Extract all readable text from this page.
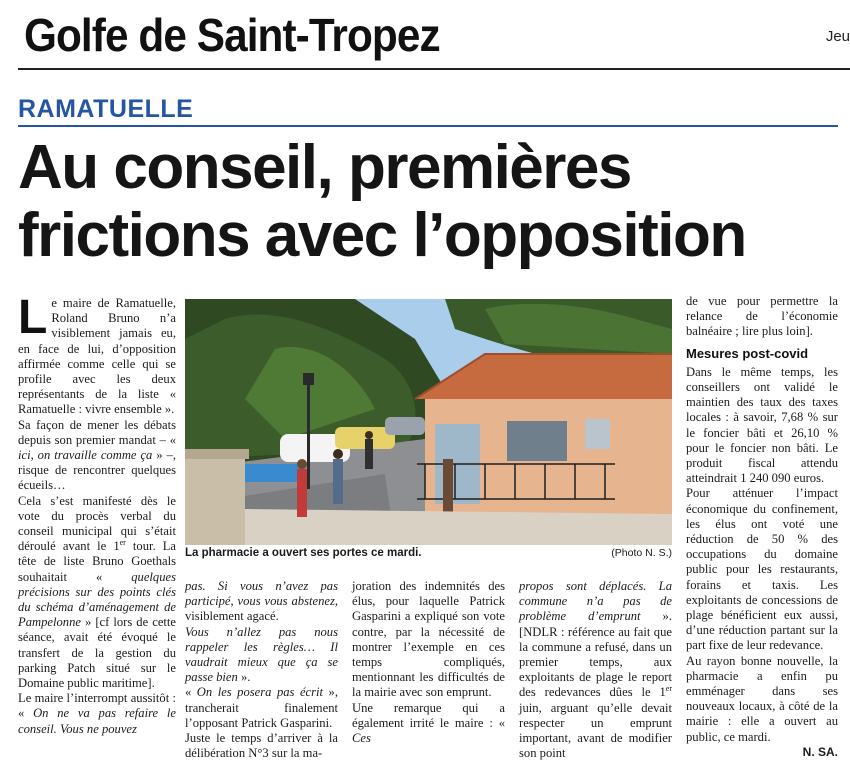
Golfe de Saint-Tropez	Jeu
RAMATUELLE
Au conseil, premières
frictions avec l’opposition

Le maire de Ramatuelle, Roland Bruno n’a visiblement jamais eu, en face de lui, d’opposition affirmée comme celle qui se profile avec les deux représentants de la liste « Ramatuelle : vivre ensemble ».

Sa façon de mener les débats depuis son premier mandat – « ici, on travaille comme ça » –, risque de rencontrer quelques écueils…

Cela s’est manifesté dès le vote du procès verbal du conseil municipal qui s’était déroulé avant le 1er tour. La tête de liste Bruno Goethals souhaitait « quelques précisions sur des points clés du schéma d’aménagement de Pampelonne » [cf lors de cette séance, avait été évoqué le transfert de la gestion du parking Patch situé sur le Domaine public maritime].

Le maire l’interrompt aussitôt : « On ne va pas refaire le conseil. Vous ne pouvez

La pharmacie a ouvert ses portes ce mardi.	(Photo N. S.)

pas. Si vous n’avez pas participé, vous vous abstenez, visiblement agacé.

Vous n’allez pas nous rappeler les règles… Il vaudrait mieux que ça se passe bien ».

« On les posera pas écrit », trancherait finalement l’opposant Patrick Gasparini.

Juste le temps d’arriver à la délibération N°3 sur la ma-

joration des indemnités des élus, pour laquelle Patrick Gasparini a expliqué son vote contre, par la nécessité de montrer l’exemple en ces temps compliqués, mentionnant les difficultés de la mairie avec son emprunt.

Une remarque qui a également irrité le maire : « Ces

propos sont déplacés. La commune n’a pas de problème d’emprunt ». [NDLR : référence au fait que la commune a refusé, dans un premier temps, aux exploitants de plage le report des redevances dûes le 1er juin, arguant qu’elle devait respecter un emprunt important, avant de modifier son point

de vue pour permettre la relance de l’économie balnéaire ; lire plus loin].

Mesures post-covid

Dans le même temps, les conseillers ont validé le maintien des taux des taxes locales : à savoir, 7,68 % sur le foncier bâti et 26,10 % pour le foncier non bâti. Le produit fiscal attendu atteindrait 1 240 090 euros.

Pour atténuer l’impact économique du confinement, les élus ont voté une réduction de 50 % des occupations du domaine public pour les restaurants, forains et taxis. Les exploitants de concessions de plage bénéficient eux aussi, d’une réduction partant sur la part fixe de leur redevance.

Au rayon bonne nouvelle, la pharmacie a enfin pu emménager dans ses nouveaux locaux, à côté de la mairie : elle a ouvert au public, ce mardi.

N. SA.
